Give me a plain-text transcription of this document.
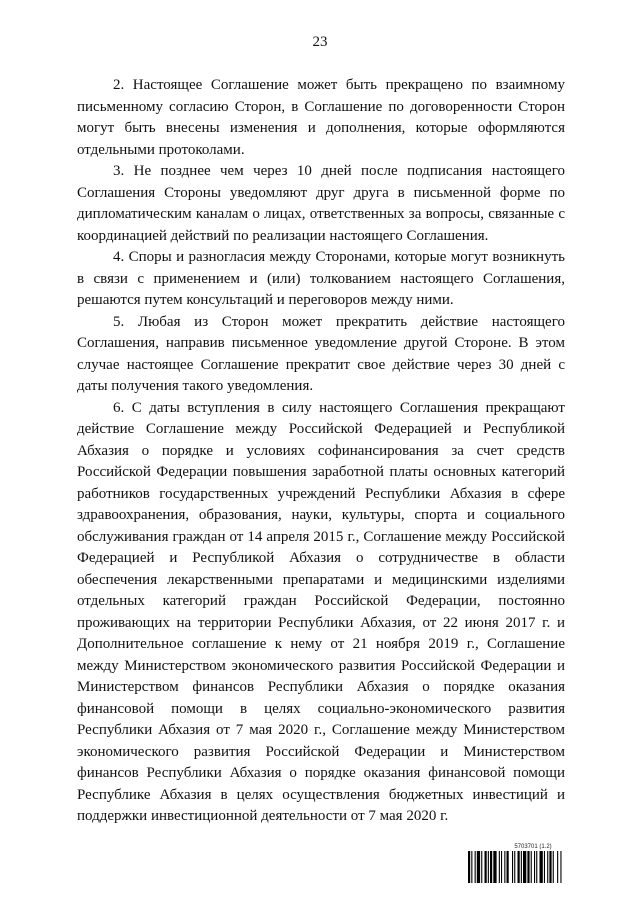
23

2. Настоящее Соглашение может быть прекращено по взаимному письменному согласию Сторон, в Соглашение по договоренности Сторон могут быть внесены изменения и дополнения, которые оформляются отдельными протоколами.

3. Не позднее чем через 10 дней после подписания настоящего Соглашения Стороны уведомляют друг друга в письменной форме по дипломатическим каналам о лицах, ответственных за вопросы, связанные с координацией действий по реализации настоящего Соглашения.

4. Споры и разногласия между Сторонами, которые могут возникнуть в связи с применением и (или) толкованием настоящего Соглашения, решаются путем консультаций и переговоров между ними.

5. Любая из Сторон может прекратить действие настоящего Соглашения, направив письменное уведомление другой Стороне. В этом случае настоящее Соглашение прекратит свое действие через 30 дней с даты получения такого уведомления.

6. С даты вступления в силу настоящего Соглашения прекращают действие Соглашение между Российской Федерацией и Республикой Абхазия о порядке и условиях софинансирования за счет средств Российской Федерации повышения заработной платы основных категорий работников государственных учреждений Республики Абхазия в сфере здравоохранения, образования, науки, культуры, спорта и социального обслуживания граждан от 14 апреля 2015 г., Соглашение между Российской Федерацией и Республикой Абхазия о сотрудничестве в области обеспечения лекарственными препаратами и медицинскими изделиями отдельных категорий граждан Российской Федерации, постоянно проживающих на территории Республики Абхазия, от 22 июня 2017 г. и Дополнительное соглашение к нему от 21 ноября 2019 г., Соглашение между Министерством экономического развития Российской Федерации и Министерством финансов Республики Абхазия о порядке оказания финансовой помощи в целях социально-экономического развития Республики Абхазия от 7 мая 2020 г., Соглашение между Министерством экономического развития Российской Федерации и Министерством финансов Республики Абхазия о порядке оказания финансовой помощи Республике Абхазия в целях осуществления бюджетных инвестиций и поддержки инвестиционной деятельности от 7 мая 2020 г.

5703701 (1.2)
